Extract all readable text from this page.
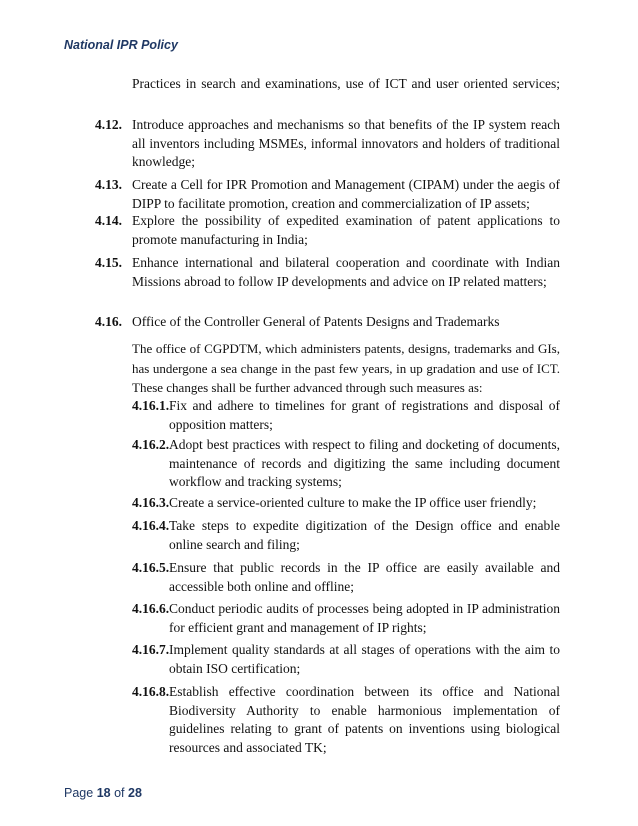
National IPR Policy
Practices in search and examinations, use of ICT and user oriented services;
4.12. Introduce approaches and mechanisms so that benefits of the IP system reach all inventors including MSMEs, informal innovators and holders of traditional knowledge;
4.13. Create a Cell for IPR Promotion and Management (CIPAM) under the aegis of DIPP to facilitate promotion, creation and commercialization of IP assets;
4.14. Explore the possibility of expedited examination of patent applications to promote manufacturing in India;
4.15. Enhance international and bilateral cooperation and coordinate with Indian Missions abroad to follow IP developments and advice on IP related matters;
4.16. Office of the Controller General of Patents Designs and Trademarks
The office of CGPDTM, which administers patents, designs, trademarks and GIs, has undergone a sea change in the past few years, in up gradation and use of ICT. These changes shall be further advanced through such measures as:
4.16.1. Fix and adhere to timelines for grant of registrations and disposal of opposition matters;
4.16.2. Adopt best practices with respect to filing and docketing of documents, maintenance of records and digitizing the same including document workflow and tracking systems;
4.16.3. Create a service-oriented culture to make the IP office user friendly;
4.16.4. Take steps to expedite digitization of the Design office and enable online search and filing;
4.16.5. Ensure that public records in the IP office are easily available and accessible both online and offline;
4.16.6. Conduct periodic audits of processes being adopted in IP administration for efficient grant and management of IP rights;
4.16.7. Implement quality standards at all stages of operations with the aim to obtain ISO certification;
4.16.8. Establish effective coordination between its office and National Biodiversity Authority to enable harmonious implementation of guidelines relating to grant of patents on inventions using biological resources and associated TK;
Page 18 of 28
